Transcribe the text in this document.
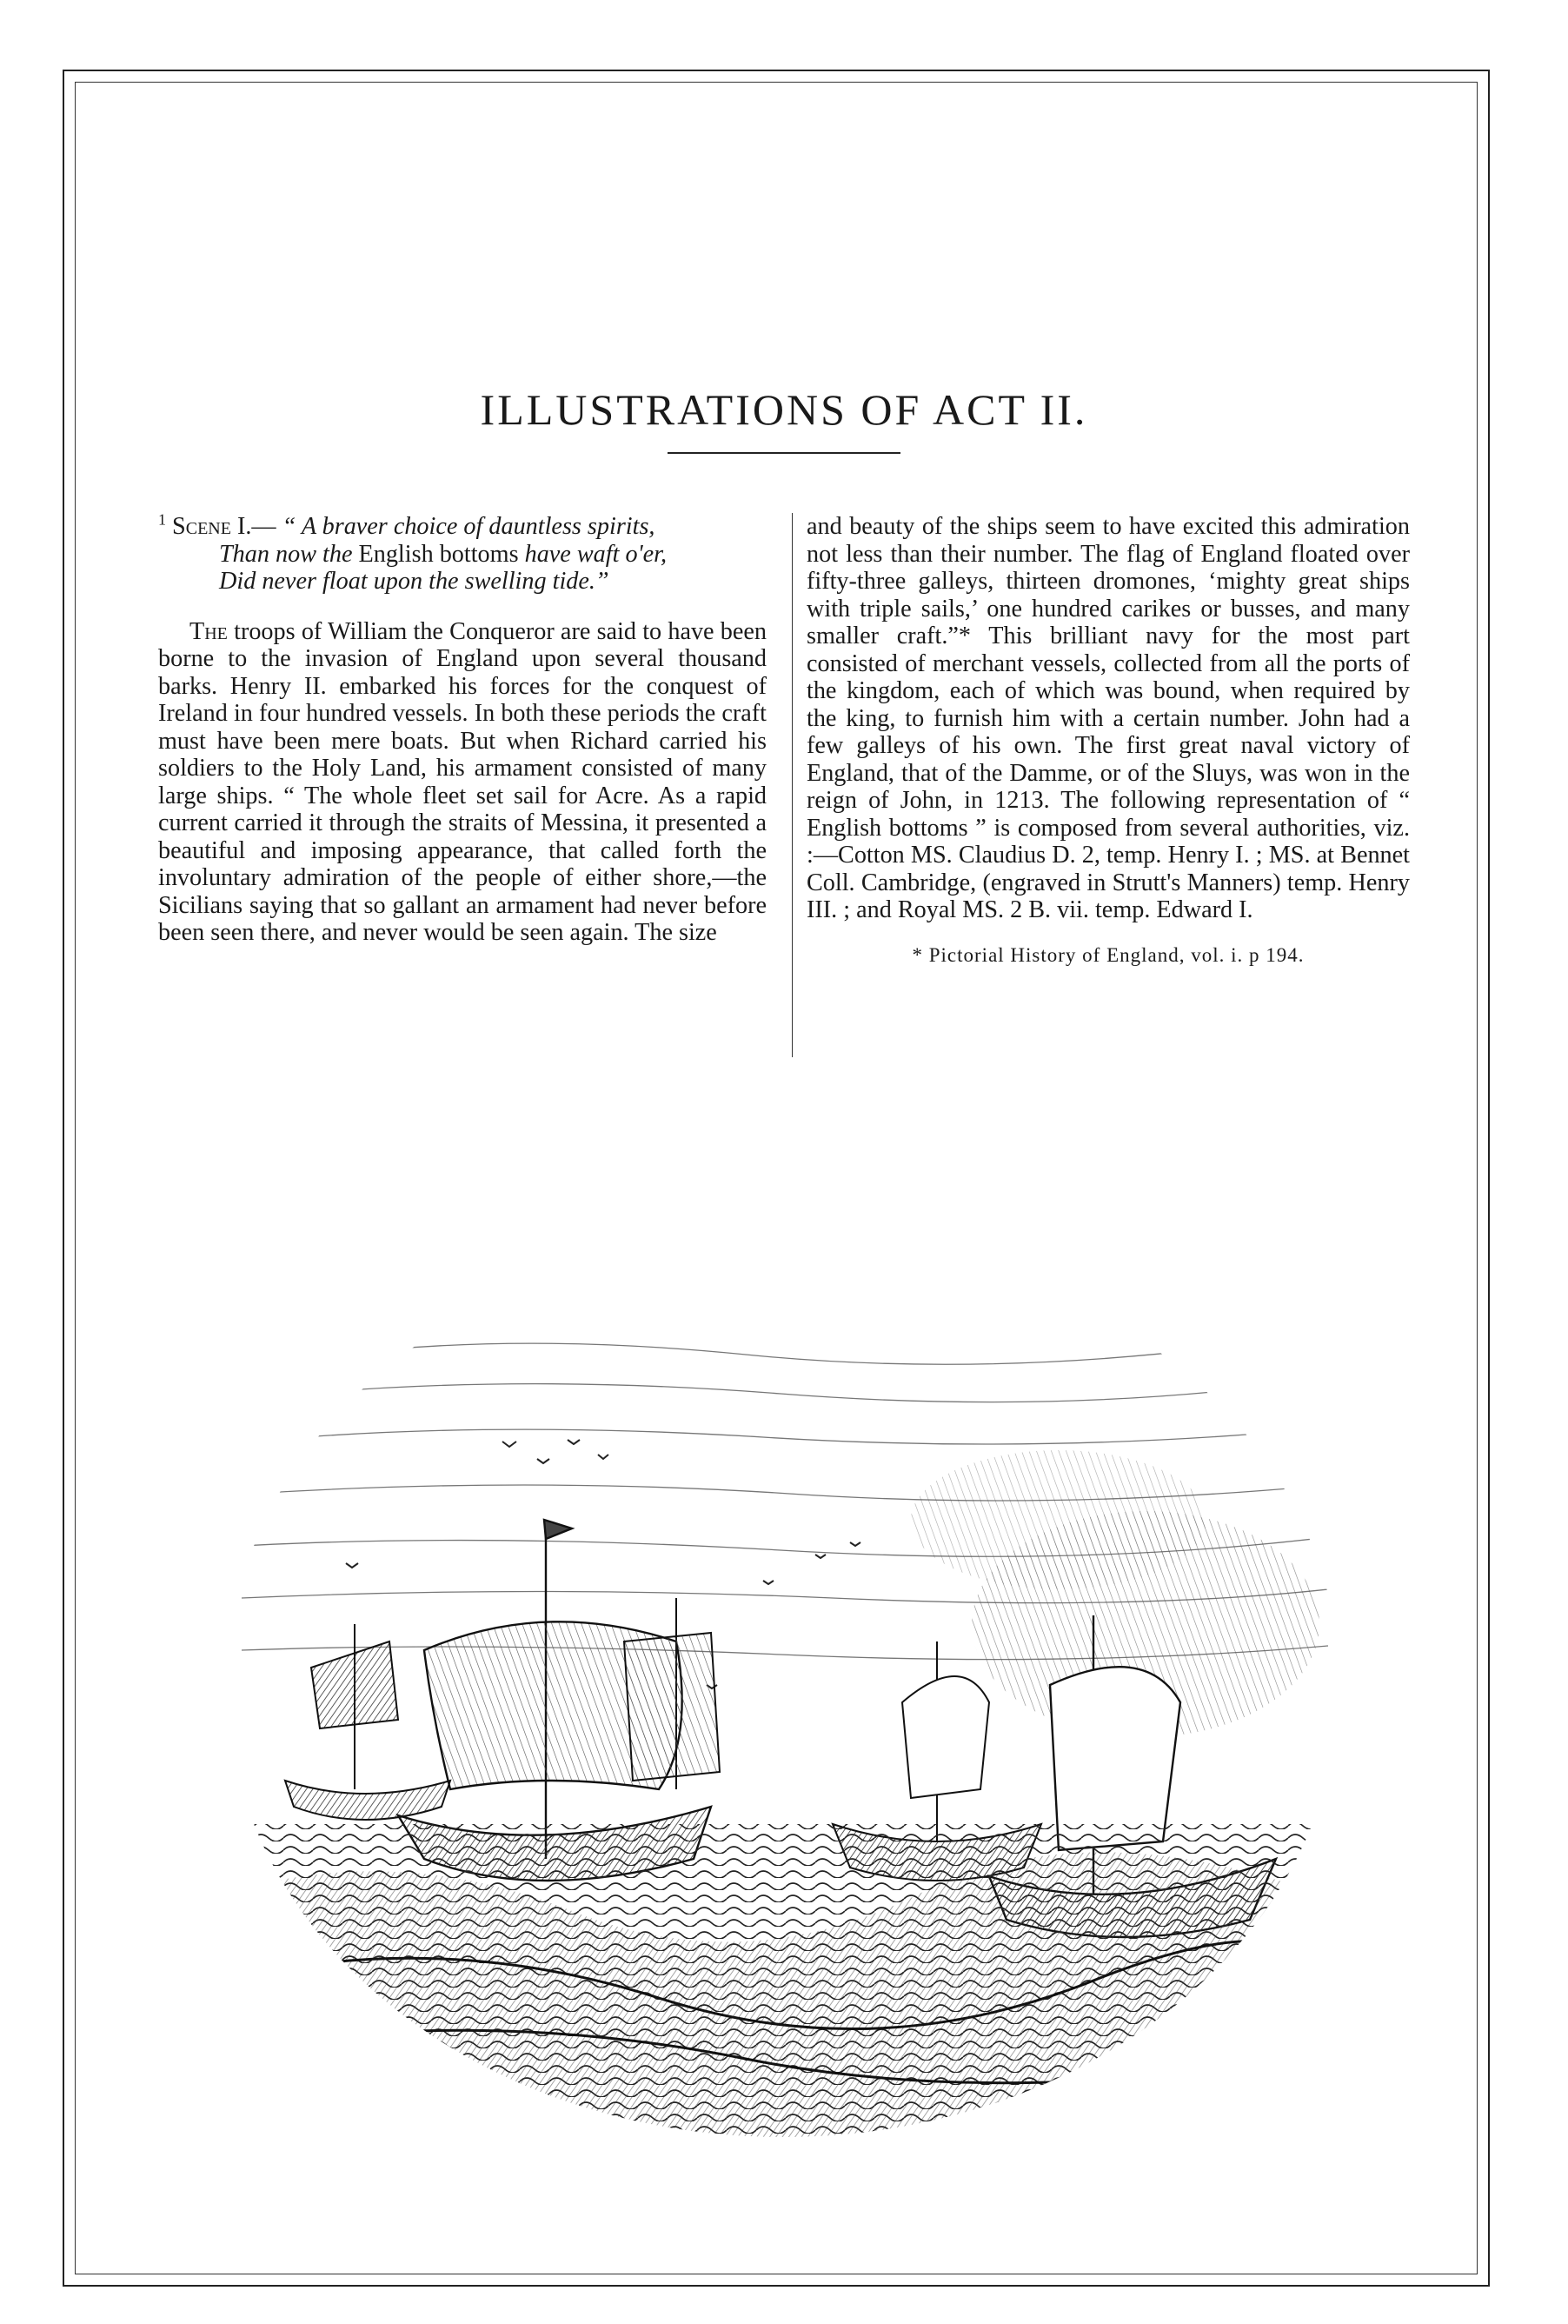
ILLUSTRATIONS OF ACT II.

$^1$ Scene I.— “ A braver choice of dauntless spirits,

Than now the English bottoms have waft o'er,

Did never float upon the swelling tide.”

The troops of William the Conqueror are said to have been borne to the invasion of England upon several thousand barks. Henry II. embarked his forces for the conquest of Ireland in four hundred vessels. In both these periods the craft must have been mere boats. But when Richard carried his soldiers to the Holy Land, his armament consisted of many large ships. “ The whole fleet set sail for Acre. As a rapid current carried it through the straits of Messina, it presented a beautiful and imposing appearance, that called forth the involuntary admiration of the people of either shore,—the Sicilians saying that so gallant an armament had never before been seen there, and never would be seen again. The size

and beauty of the ships seem to have excited this admiration not less than their number. The flag of England floated over fifty-three galleys, thirteen dromones, ‘mighty great ships with triple sails,’ one hundred carikes or busses, and many smaller craft.”* This brilliant navy for the most part consisted of merchant vessels, collected from all the ports of the kingdom, each of which was bound, when required by the king, to furnish him with a certain number. John had a few galleys of his own. The first great naval victory of England, that of the Damme, or of the Sluys, was won in the reign of John, in 1213. The following representation of “ English bottoms ” is composed from several authorities, viz. :—Cotton MS. Claudius D. 2, temp. Henry I. ; MS. at Bennet Coll. Cambridge, (engraved in Strutt's Manners) temp. Henry III. ; and Royal MS. 2 B. vii. temp. Edward I.

* Pictorial History of England, vol. i. p 194.
